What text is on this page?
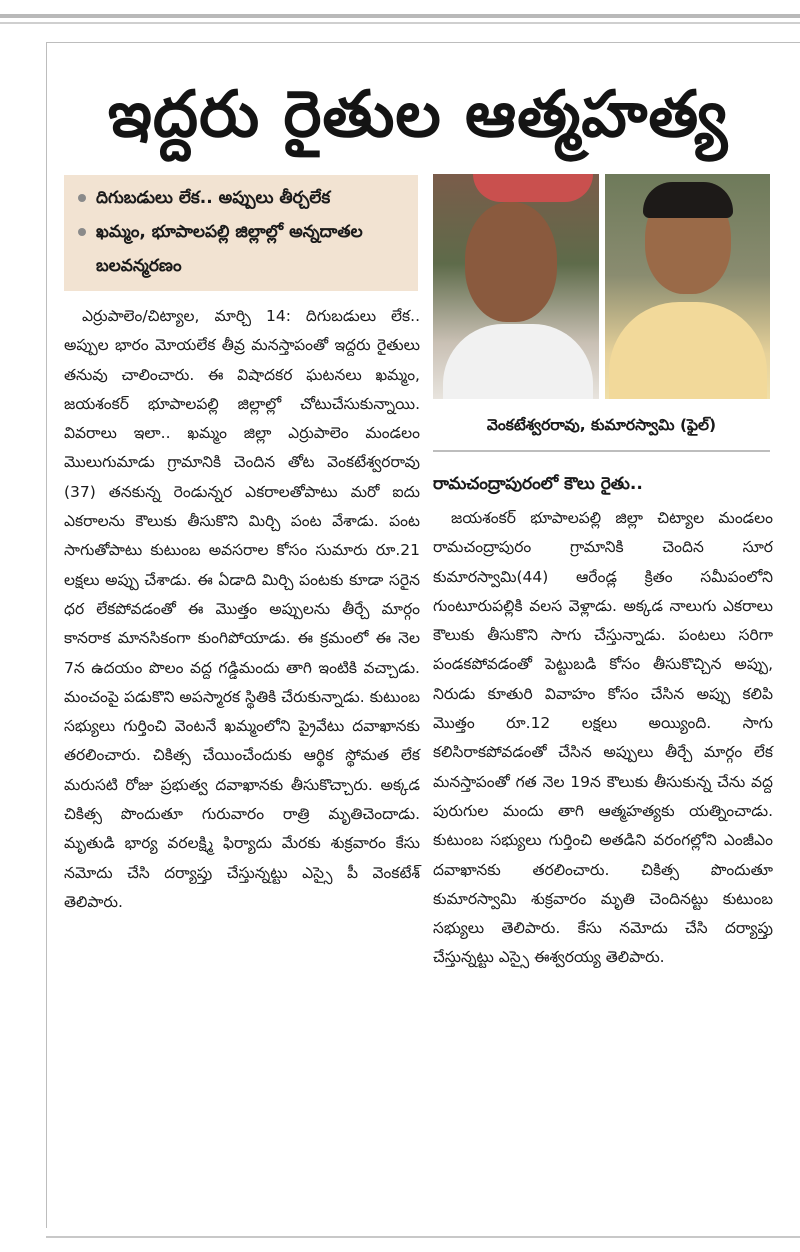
ఇద్దరు రైతుల ఆత్మహత్య
దిగుబడులు లేక.. అప్పులు తీర్చలేక
ఖమ్మం, భూపాలపల్లి జిల్లాల్లో అన్నదాతల బలవన్మరణం
ఎర్రుపాలెం/చిట్యాల, మార్చి 14: దిగుబడులు లేక.. అప్పుల భారం మోయలేక తీవ్ర మనస్తాపంతో ఇద్దరు రైతులు తనువు చాలించారు. ఈ విషాదకర ఘటనలు ఖమ్మం, జయశంకర్ భూపాలపల్లి జిల్లాల్లో చోటుచేసుకున్నాయి. వివరాలు ఇలా.. ఖమ్మం జిల్లా ఎర్రుపాలెం మండలం మొలుగుమాడు గ్రామానికి చెందిన తోట వెంకటేశ్వరరావు (37) తనకున్న రెండున్నర ఎకరాలతోపాటు మరో ఐదు ఎకరాలను కౌలుకు తీసుకొని మిర్చి పంట వేశాడు. పంట సాగుతోపాటు కుటుంబ అవసరాల కోసం సుమారు రూ.21 లక్షలు అప్పు చేశాడు. ఈ ఏడాది మిర్చి పంటకు కూడా సరైన ధర లేకపోవడంతో ఈ మొత్తం అప్పులను తీర్చే మార్గం కానరాక మానసికంగా కుంగిపోయాడు. ఈ క్రమంలో ఈ నెల 7న ఉదయం పొలం వద్ద గడ్డిమందు తాగి ఇంటికి వచ్చాడు. మంచంపై పడుకొని అపస్మారక స్థితికి చేరుకున్నాడు. కుటుంబ సభ్యులు గుర్తించి వెంటనే ఖమ్మంలోని ప్రైవేటు దవాఖానకు తరలించారు. చికిత్స చేయించేందుకు ఆర్థిక స్థోమత లేక మరుసటి రోజు ప్రభుత్వ దవాఖానకు తీసుకొచ్చారు. అక్కడ చికిత్స పొందుతూ గురువారం రాత్రి మృతిచెందాడు. మృతుడి భార్య వరలక్ష్మి ఫిర్యాదు మేరకు శుక్రవారం కేసు నమోదు చేసి దర్యాప్తు చేస్తున్నట్టు ఎస్సై పీ వెంకటేశ్ తెలిపారు.
వెంకటేశ్వరరావు, కుమారస్వామి (ఫైల్)
రామచంద్రాపురంలో కౌలు రైతు..
జయశంకర్ భూపాలపల్లి జిల్లా చిట్యాల మండలం రామచంద్రాపురం గ్రామానికి చెందిన సూర కుమారస్వామి(44) ఆరేండ్ల క్రితం సమీపంలోని గుంటూరుపల్లికి వలస వెళ్లాడు. అక్కడ నాలుగు ఎకరాలు కౌలుకు తీసుకొని సాగు చేస్తున్నాడు. పంటలు సరిగా పండకపోవడంతో పెట్టుబడి కోసం తీసుకొచ్చిన అప్పు, నిరుడు కూతురి వివాహం కోసం చేసిన అప్పు కలిపి మొత్తం రూ.12 లక్షలు అయ్యింది. సాగు కలిసిరాకపోవడంతో చేసిన అప్పులు తీర్చే మార్గం లేక మనస్తాపంతో గత నెల 19న కౌలుకు తీసుకున్న చేను వద్ద పురుగుల మందు తాగి ఆత్మహత్యకు యత్నించాడు. కుటుంబ సభ్యులు గుర్తించి అతడిని వరంగల్లోని ఎంజీఎం దవాఖానకు తరలించారు. చికిత్స పొందుతూ కుమారస్వామి శుక్రవారం మృతి చెందినట్టు కుటుంబ సభ్యులు తెలిపారు. కేసు నమోదు చేసి దర్యాప్తు చేస్తున్నట్టు ఎస్సై ఈశ్వరయ్య తెలిపారు.
